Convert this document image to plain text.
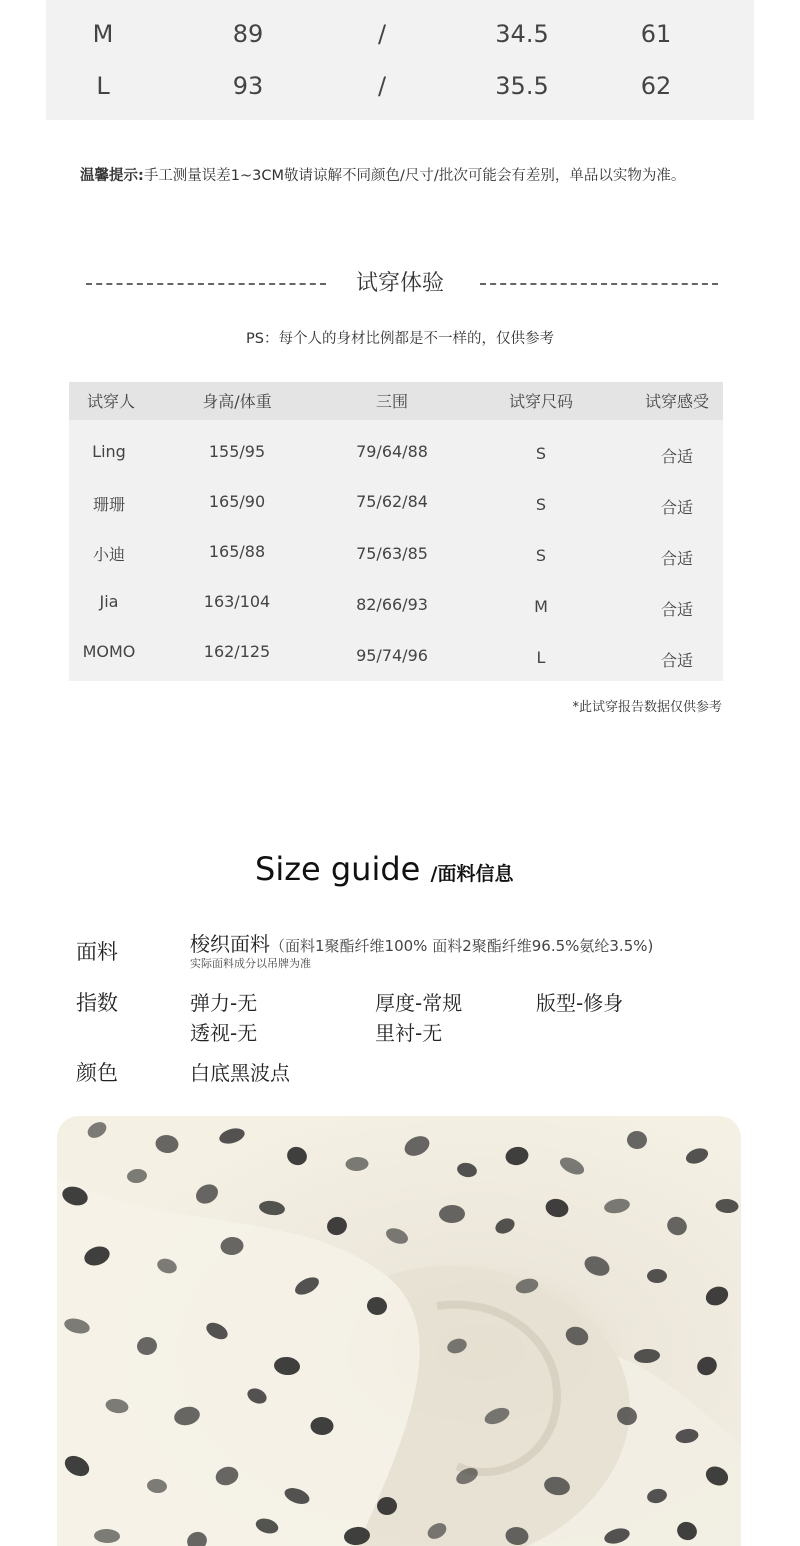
M	89	/	34.5	61
L	93	/	35.5	62
温馨提示:手工测量误差1~3CM敬请谅解不同颜色/尺寸/批次可能会有差别，单品以实物为准。
试穿体验
PS：每个人的身材比例都是不一样的，仅供参考
试穿人	身高/体重	三围	试穿尺码	试穿感受
Ling	155/95	79/64/88	S	合适
珊珊	165/90	75/62/84	S	合适
小迪	165/88	75/63/85	S	合适
Jia	163/104	82/66/93	M	合适
MOMO	162/125	95/74/96	L	合适
*此试穿报告数据仅供参考
Size guide /面料信息
面料	梭织面料（面料1聚酯纤维100% 面料2聚酯纤维96.5%氨纶3.5%)
实际面料成分以吊牌为准
指数	弹力-无	厚度-常规	版型-修身
透视-无	里衬-无
颜色	白底黑波点
